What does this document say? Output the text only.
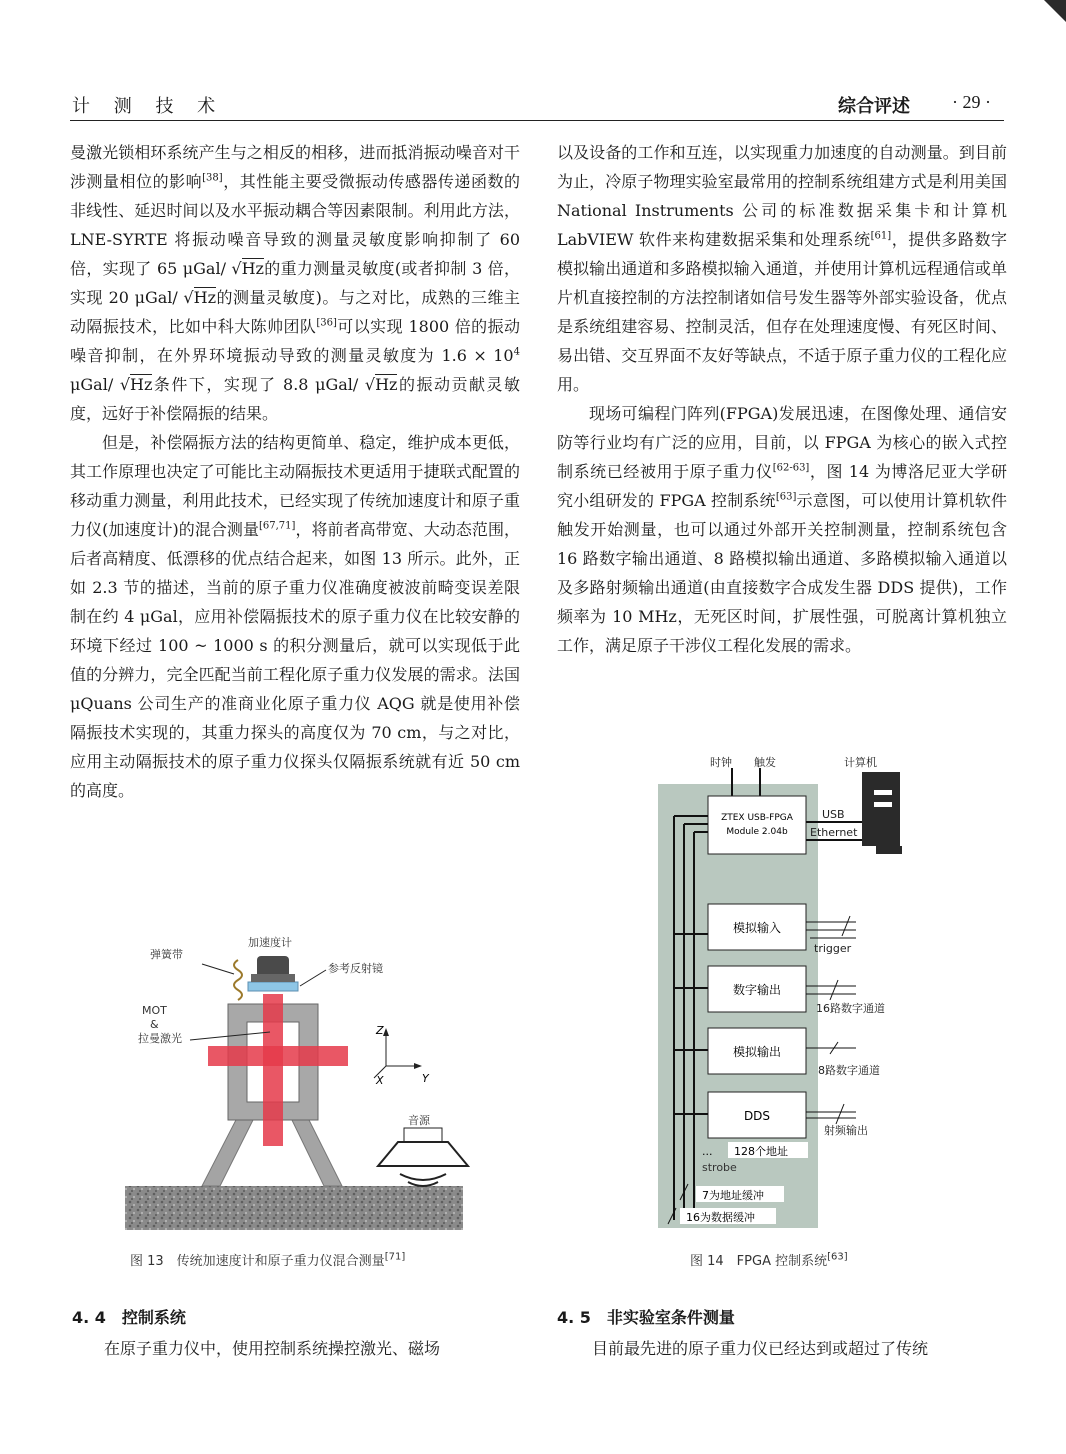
计 测 技 术	综合评述 · 29 ·

曼激光锁相环系统产生与之相反的相移，进而抵消振动噪音对干涉测量相位的影响[38]，其性能主要受微振动传感器传递函数的非线性、延迟时间以及水平振动耦合等因素限制。利用此方法，LNE-SYRTE 将振动噪音导致的测量灵敏度影响抑制了 60 倍，实现了 65 μGal/ √Hz的重力测量灵敏度(或者抑制 3 倍，实现 20 μGal/ √Hz的测量灵敏度)。与之对比，成熟的三维主动隔振技术，比如中科大陈帅团队[36]可以实现 1800 倍的振动噪音抑制，在外界环境振动导致的测量灵敏度为 $1.6 \times 10^4$ μGal/ √Hz条件下，实现了 8.8 μGal/ √Hz的振动贡献灵敏度，远好于补偿隔振的结果。

但是，补偿隔振方法的结构更简单、稳定，维护成本更低，其工作原理也决定了可能比主动隔振技术更适用于捷联式配置的移动重力测量，利用此技术，已经实现了传统加速度计和原子重力仪(加速度计)的混合测量[67,71]，将前者高带宽、大动态范围，后者高精度、低漂移的优点结合起来，如图 13 所示。此外，正如 2.3 节的描述，当前的原子重力仪准确度被波前畸变误差限制在约 4 μGal，应用补偿隔振技术的原子重力仪在比较安静的环境下经过 100 ~ 1000 s 的积分测量后，就可以实现低于此值的分辨力，完全匹配当前工程化原子重力仪发展的需求。法国 μQuans 公司生产的准商业化原子重力仪 AQG 就是使用补偿隔振技术实现的，其重力探头的高度仅为 70 cm，与之对比，应用主动隔振技术的原子重力仪探头仅隔振系统就有近 50 cm的高度。

以及设备的工作和互连，以实现重力加速度的自动测量。到目前为止，冷原子物理实验室最常用的控制系统组建方式是利用美国 National Instruments 公司的标准数据采集卡和计算机 LabVIEW 软件来构建数据采集和处理系统[61]，提供多路数字模拟输出通道和多路模拟输入通道，并使用计算机远程通信或单片机直接控制的方法控制诸如信号发生器等外部实验设备，优点是系统组建容易、控制灵活，但存在处理速度慢、有死区时间、易出错、交互界面不友好等缺点，不适于原子重力仪的工程化应用。

现场可编程门阵列(FPGA)发展迅速，在图像处理、通信安防等行业均有广泛的应用，目前，以 FPGA 为核心的嵌入式控制系统已经被用于原子重力仪[62-63]，图 14 为博洛尼亚大学研究小组研发的 FPGA 控制系统[63]示意图，可以使用计算机软件触发开始测量，也可以通过外部开关控制测量，控制系统包含 16 路数字输出通道、8 路模拟输出通道、多路模拟输入通道以及多路射频输出通道(由直接数字合成发生器 DDS 提供)，工作频率为 10 MHz，无死区时间，扩展性强，可脱离计算机独立工作，满足原子干涉仪工程化发展的需求。

弹簧带
加速度计
参考反射镜
MOT
&
拉曼激光
Z
X	Y
音源
图 13　传统加速度计和原子重力仪混合测量[71]
时钟 触发	计算机
ZTEX USB-FPGA
Module 2.04b
USB
Ethernet
模拟输入
数字输出
模拟输出
DDS
trigger
16路数字通道
8路数字通道
射频输出
128个地址
...
strobe
7为地址缓冲
16为数据缓冲
图 14　FPGA 控制系统[63]
4. 4　控制系统
在原子重力仪中，使用控制系统操控激光、磁场
4. 5　非实验室条件测量
目前最先进的原子重力仪已经达到或超过了传统
